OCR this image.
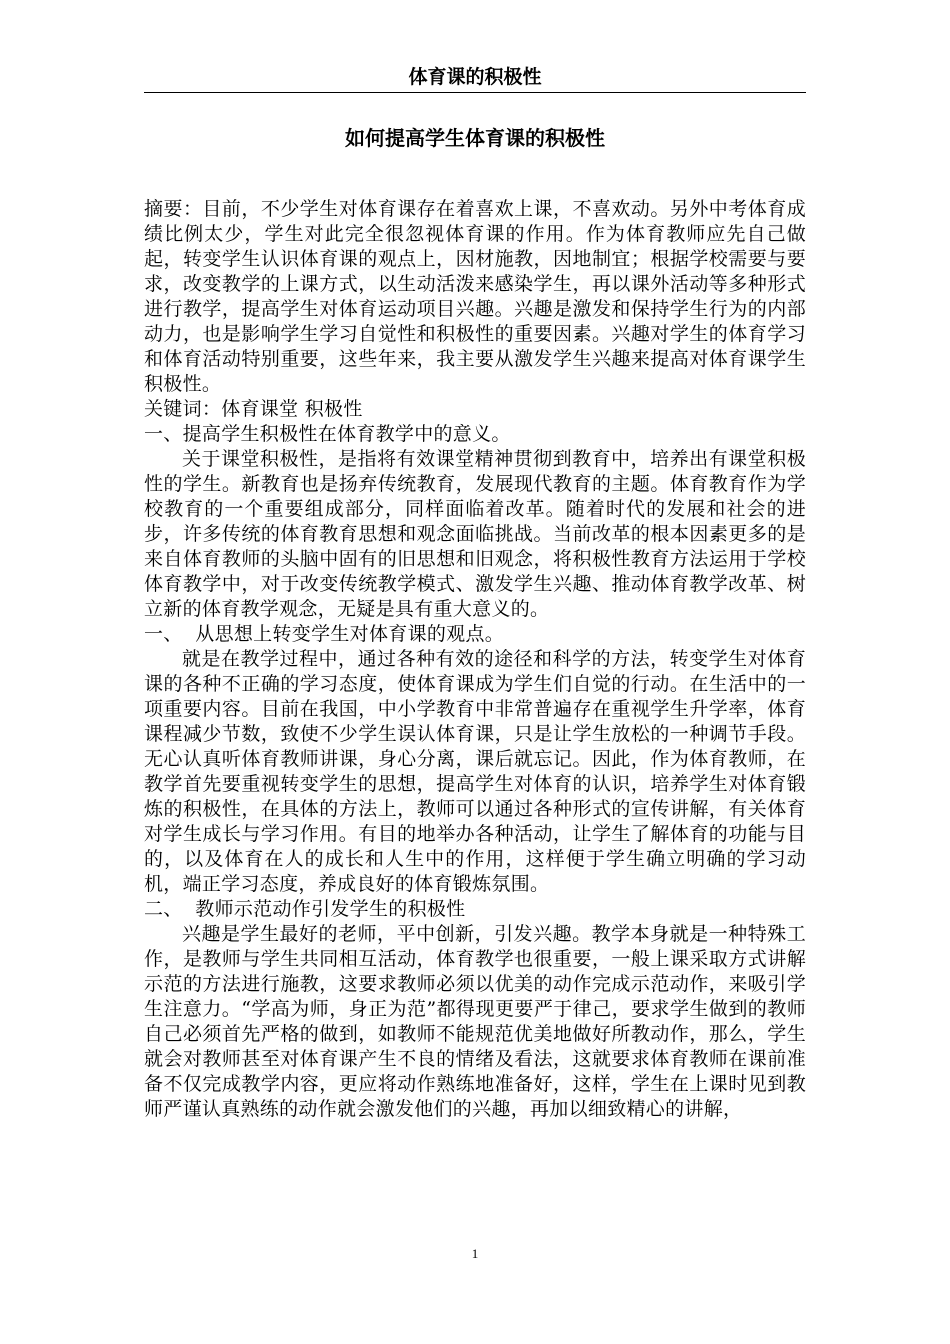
体育课的积极性
如何提高学生体育课的积极性

摘要：目前，不少学生对体育课存在着喜欢上课，不喜欢动。另外中考体育成绩比例太少，学生对此完全很忽视体育课的作用。作为体育教师应先自己做起，转变学生认识体育课的观点上，因材施教，因地制宜；根据学校需要与要求，改变教学的上课方式，以生动活泼来感染学生，再以课外活动等多种形式进行教学，提高学生对体育运动项目兴趣。兴趣是激发和保持学生行为的内部动力，也是影响学生学习自觉性和积极性的重要因素。兴趣对学生的体育学习和体育活动特别重要，这些年来，我主要从激发学生兴趣来提高对体育课学生积极性。

关键词：体育课堂 积极性

一、提高学生积极性在体育教学中的意义。

关于课堂积极性，是指将有效课堂精神贯彻到教育中，培养出有课堂积极性的学生。新教育也是扬弃传统教育，发展现代教育的主题。体育教育作为学校教育的一个重要组成部分，同样面临着改革。随着时代的发展和社会的进步，许多传统的体育教育思想和观念面临挑战。当前改革的根本因素更多的是来自体育教师的头脑中固有的旧思想和旧观念，将积极性教育方法运用于学校体育教学中，对于改变传统教学模式、激发学生兴趣、推动体育教学改革、树立新的体育教学观念，无疑是具有重大意义的。

一、  从思想上转变学生对体育课的观点。

就是在教学过程中，通过各种有效的途径和科学的方法，转变学生对体育课的各种不正确的学习态度，使体育课成为学生们自觉的行动。在生活中的一项重要内容。目前在我国，中小学教育中非常普遍存在重视学生升学率，体育课程减少节数，致使不少学生误认体育课，只是让学生放松的一种调节手段。无心认真听体育教师讲课，身心分离，课后就忘记。因此，作为体育教师，在教学首先要重视转变学生的思想，提高学生对体育的认识，培养学生对体育锻炼的积极性，在具体的方法上，教师可以通过各种形式的宣传讲解，有关体育对学生成长与学习作用。有目的地举办各种活动，让学生了解体育的功能与目的，以及体育在人的成长和人生中的作用，这样便于学生确立明确的学习动机，端正学习态度，养成良好的体育锻炼氛围。

二、  教师示范动作引发学生的积极性

兴趣是学生最好的老师，平中创新，引发兴趣。教学本身就是一种特殊工作，是教师与学生共同相互活动，体育教学也很重要，一般上课采取方式讲解示范的方法进行施教，这要求教师必须以优美的动作完成示范动作，来吸引学生注意力。“学高为师，身正为范”都得现更要严于律己，要求学生做到的教师自己必须首先严格的做到，如教师不能规范优美地做好所教动作，那么，学生就会对教师甚至对体育课产生不良的情绪及看法，这就要求体育教师在课前准备不仅完成教学内容，更应将动作熟练地准备好，这样，学生在上课时见到教师严谨认真熟练的动作就会激发他们的兴趣，再加以细致精心的讲解，

1
